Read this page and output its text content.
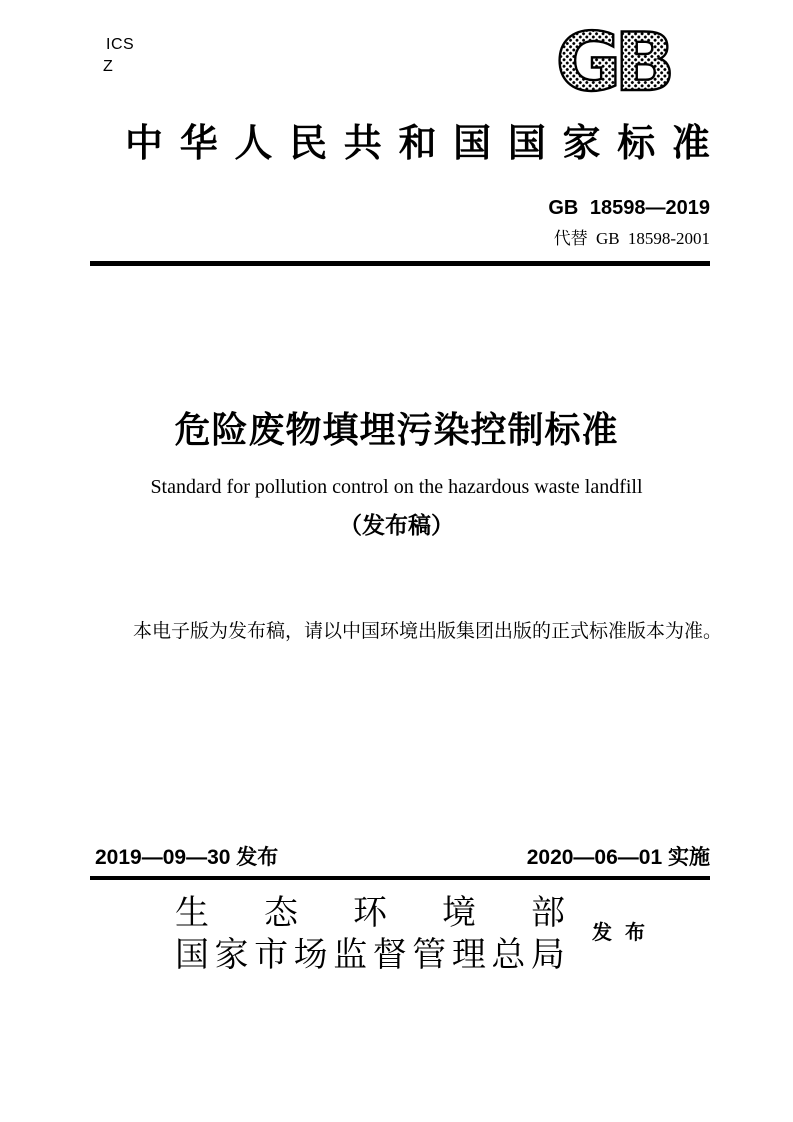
ICS
Z	GB
中 华 人 民 共 和 国 国 家 标 准
GB 18598—2019
代替 GB 18598-2001
危险废物填埋污染控制标准
Standard for pollution control on the hazardous waste landfill
（发布稿）
本电子版为发布稿，请以中国环境出版集团出版的正式标准版本为准。
2019—09—30 发布	2020—06—01 实施
生 态 环 境 部
国 家 市 场 监 督 管 理 总 局
发 布
